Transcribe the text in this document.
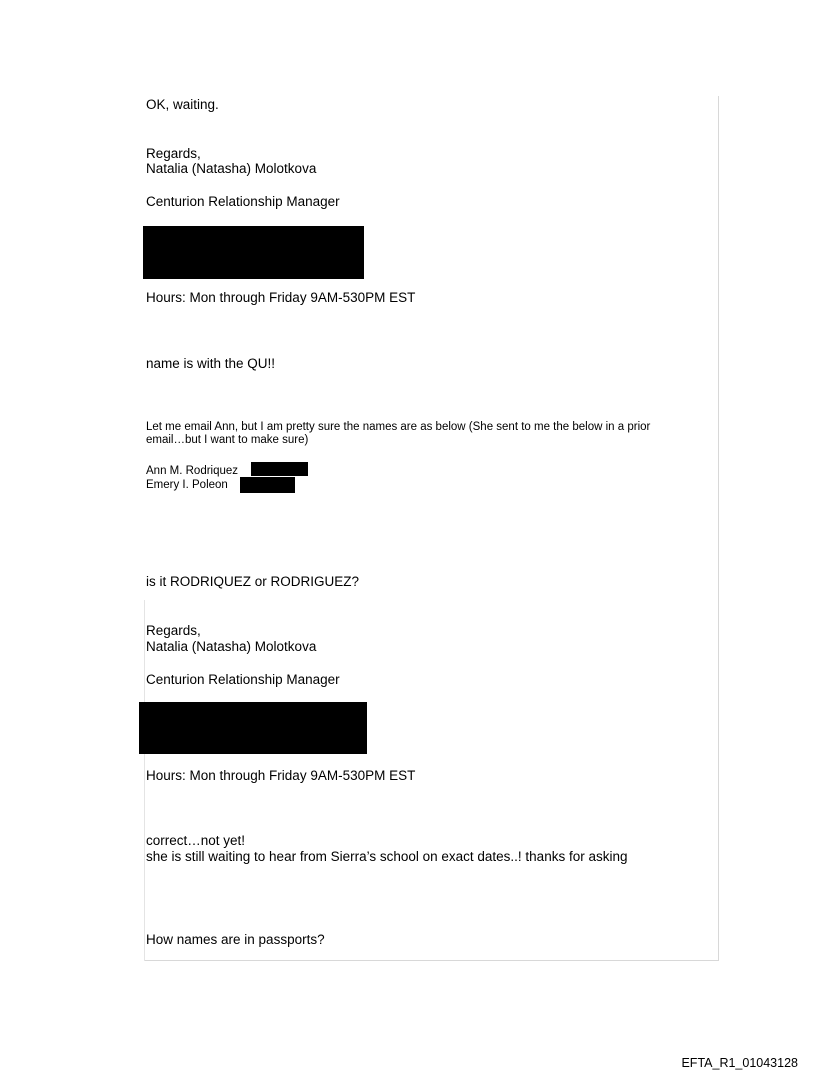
OK, waiting.
Regards,
Natalia (Natasha) Molotkova
Centurion Relationship Manager
Hours: Mon through Friday 9AM-530PM EST
name is with the QU!!
Let me email Ann, but I am pretty sure the names are as below (She sent to me the below in a prior
email…but I want to make sure)
Ann M. Rodriquez
Emery I. Poleon
is it RODRIQUEZ or RODRIGUEZ?
Regards,
Natalia (Natasha) Molotkova
Centurion Relationship Manager
Hours: Mon through Friday 9AM-530PM EST
correct…not yet!
she is still waiting to hear from Sierra’s school on exact dates..! thanks for asking
How names are in passports?
EFTA_R1_01043128
